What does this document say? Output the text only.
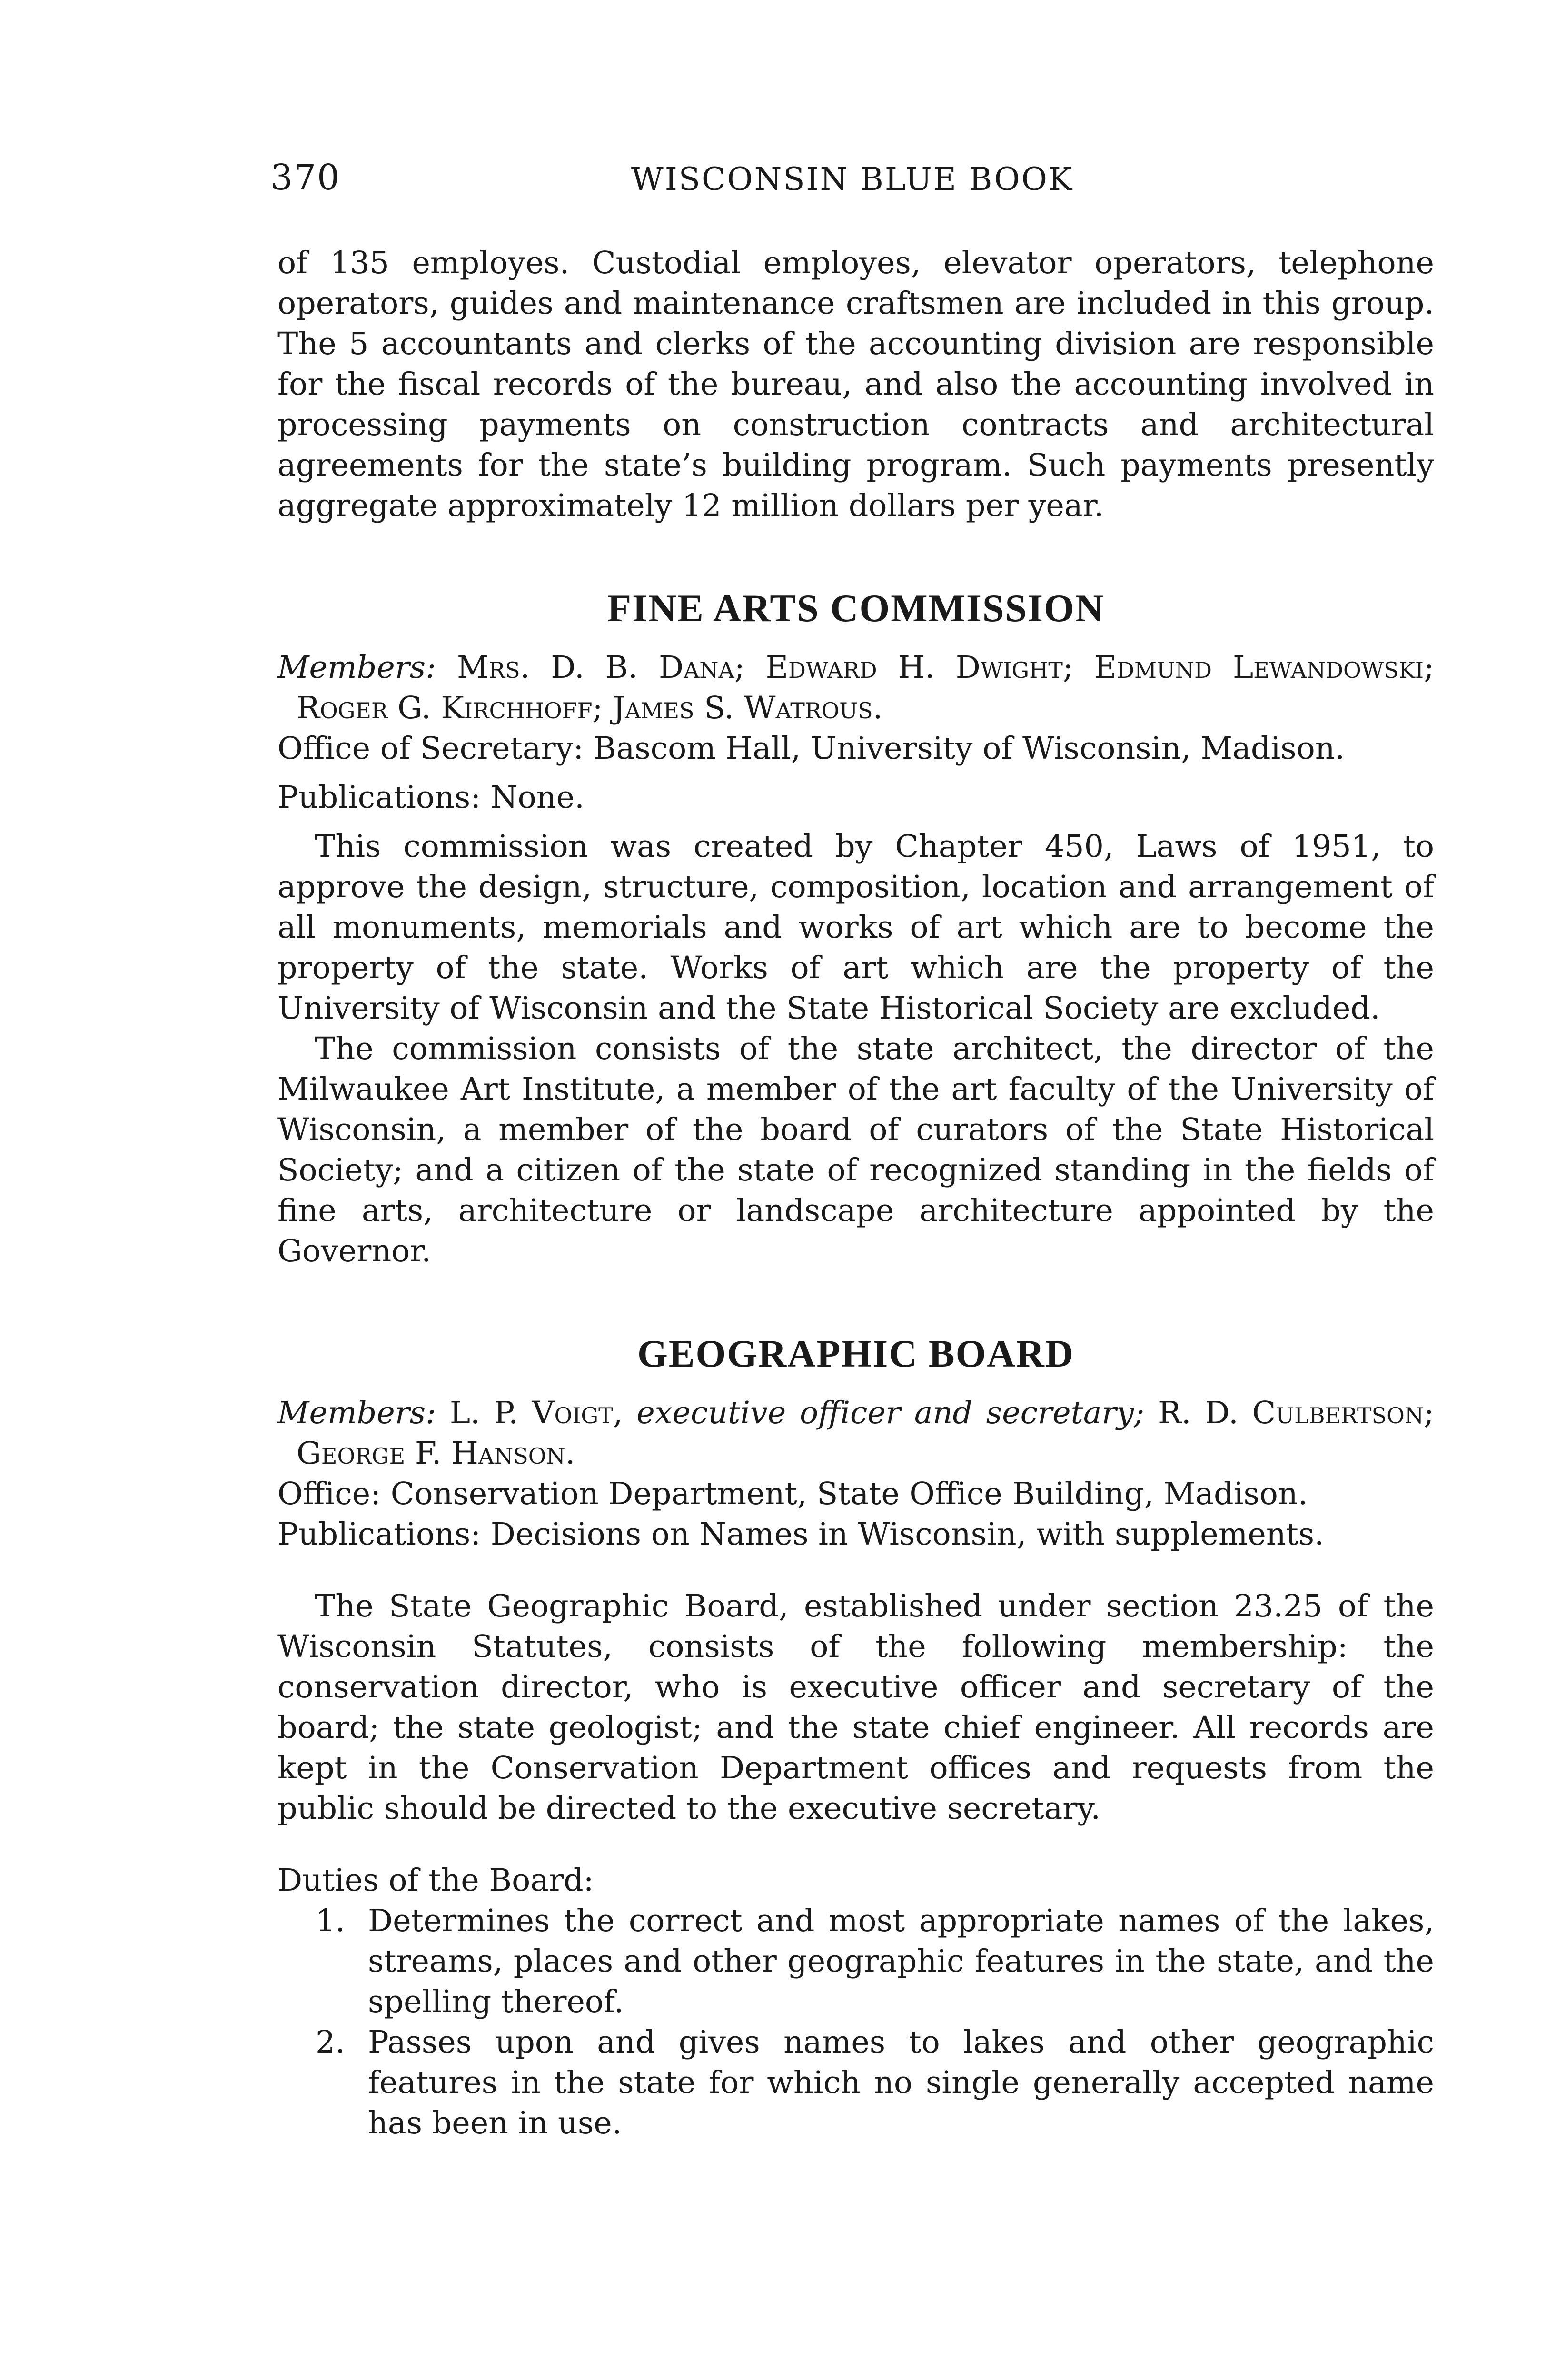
370	WISCONSIN BLUE BOOK

of 135 employes. Custodial employes, elevator operators, telephone operators, guides and maintenance craftsmen are included in this group. The 5 accountants and clerks of the accounting division are responsible for the fiscal records of the bureau, and also the accounting involved in processing payments on construction contracts and architectural agreements for the state’s building program. Such payments presently aggregate approximately 12 million dollars per year.

FINE ARTS COMMISSION

Members: Mrs. D. B. Dana; Edward H. Dwight; Edmund Lewandowski; Roger G. Kirchhoff; James S. Watrous.

Office of Secretary: Bascom Hall, University of Wisconsin, Madison.

Publications: None.

This commission was created by Chapter 450, Laws of 1951, to approve the design, structure, composition, location and arrangement of all monuments, memorials and works of art which are to become the property of the state. Works of art which are the property of the University of Wisconsin and the State Historical Society are excluded.

The commission consists of the state architect, the director of the Milwaukee Art Institute, a member of the art faculty of the University of Wisconsin, a member of the board of curators of the State Historical Society; and a citizen of the state of recognized standing in the fields of fine arts, architecture or landscape architecture appointed by the Governor.

GEOGRAPHIC BOARD

Members: L. P. Voigt, executive officer and secretary; R. D. Culbertson; George F. Hanson.

Office: Conservation Department, State Office Building, Madison.

Publications: Decisions on Names in Wisconsin, with supplements.

The State Geographic Board, established under section 23.25 of the Wisconsin Statutes, consists of the following membership: the conservation director, who is executive officer and secretary of the board; the state geologist; and the state chief engineer. All records are kept in the Conservation Department offices and requests from the public should be directed to the executive secretary.

Duties of the Board:

1. Determines the correct and most appropriate names of the lakes, streams, places and other geographic features in the state, and the spelling thereof.
2. Passes upon and gives names to lakes and other geographic features in the state for which no single generally accepted name has been in use.
